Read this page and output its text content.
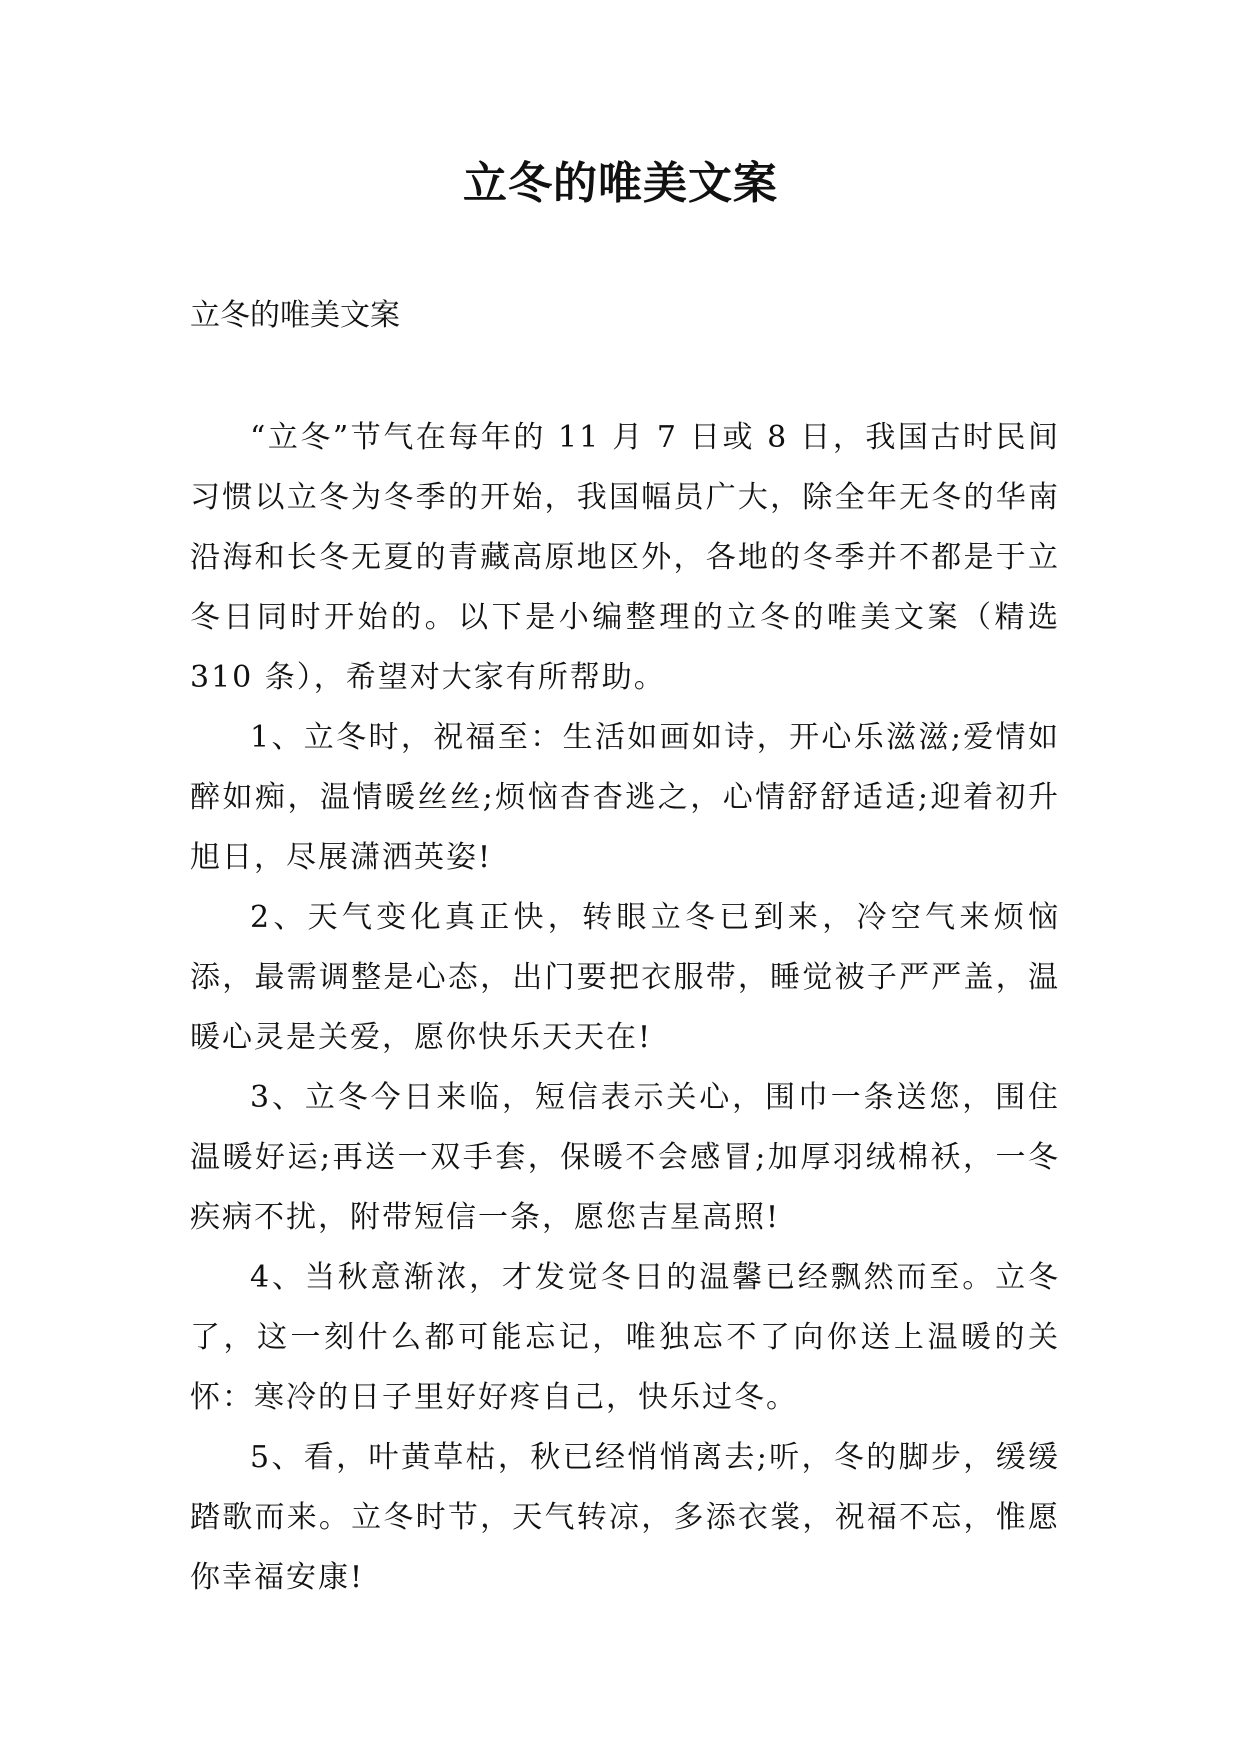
立冬的唯美文案
立冬的唯美文案

“立冬”节气在每年的 11 月 7 日或 8 日，我国古时民间习惯以立冬为冬季的开始，我国幅员广大，除全年无冬的华南沿海和长冬无夏的青藏高原地区外，各地的冬季并不都是于立冬日同时开始的。以下是小编整理的立冬的唯美文案（精选 310 条），希望对大家有所帮助。

1、立冬时，祝福至：生活如画如诗，开心乐滋滋;爱情如醉如痴，温情暖丝丝;烦恼杳杳逃之，心情舒舒适适;迎着初升旭日，尽展潇洒英姿!

2、天气变化真正快，转眼立冬已到来，冷空气来烦恼添，最需调整是心态，出门要把衣服带，睡觉被子严严盖，温暖心灵是关爱，愿你快乐天天在!

3、立冬今日来临，短信表示关心，围巾一条送您，围住温暖好运;再送一双手套，保暖不会感冒;加厚羽绒棉袄，一冬疾病不扰，附带短信一条，愿您吉星高照!

4、当秋意渐浓，才发觉冬日的温馨已经飘然而至。立冬了，这一刻什么都可能忘记，唯独忘不了向你送上温暖的关怀：寒冷的日子里好好疼自己，快乐过冬。

5、看，叶黄草枯，秋已经悄悄离去;听，冬的脚步，缓缓踏歌而来。立冬时节，天气转凉，多添衣裳，祝福不忘，惟愿你幸福安康!
